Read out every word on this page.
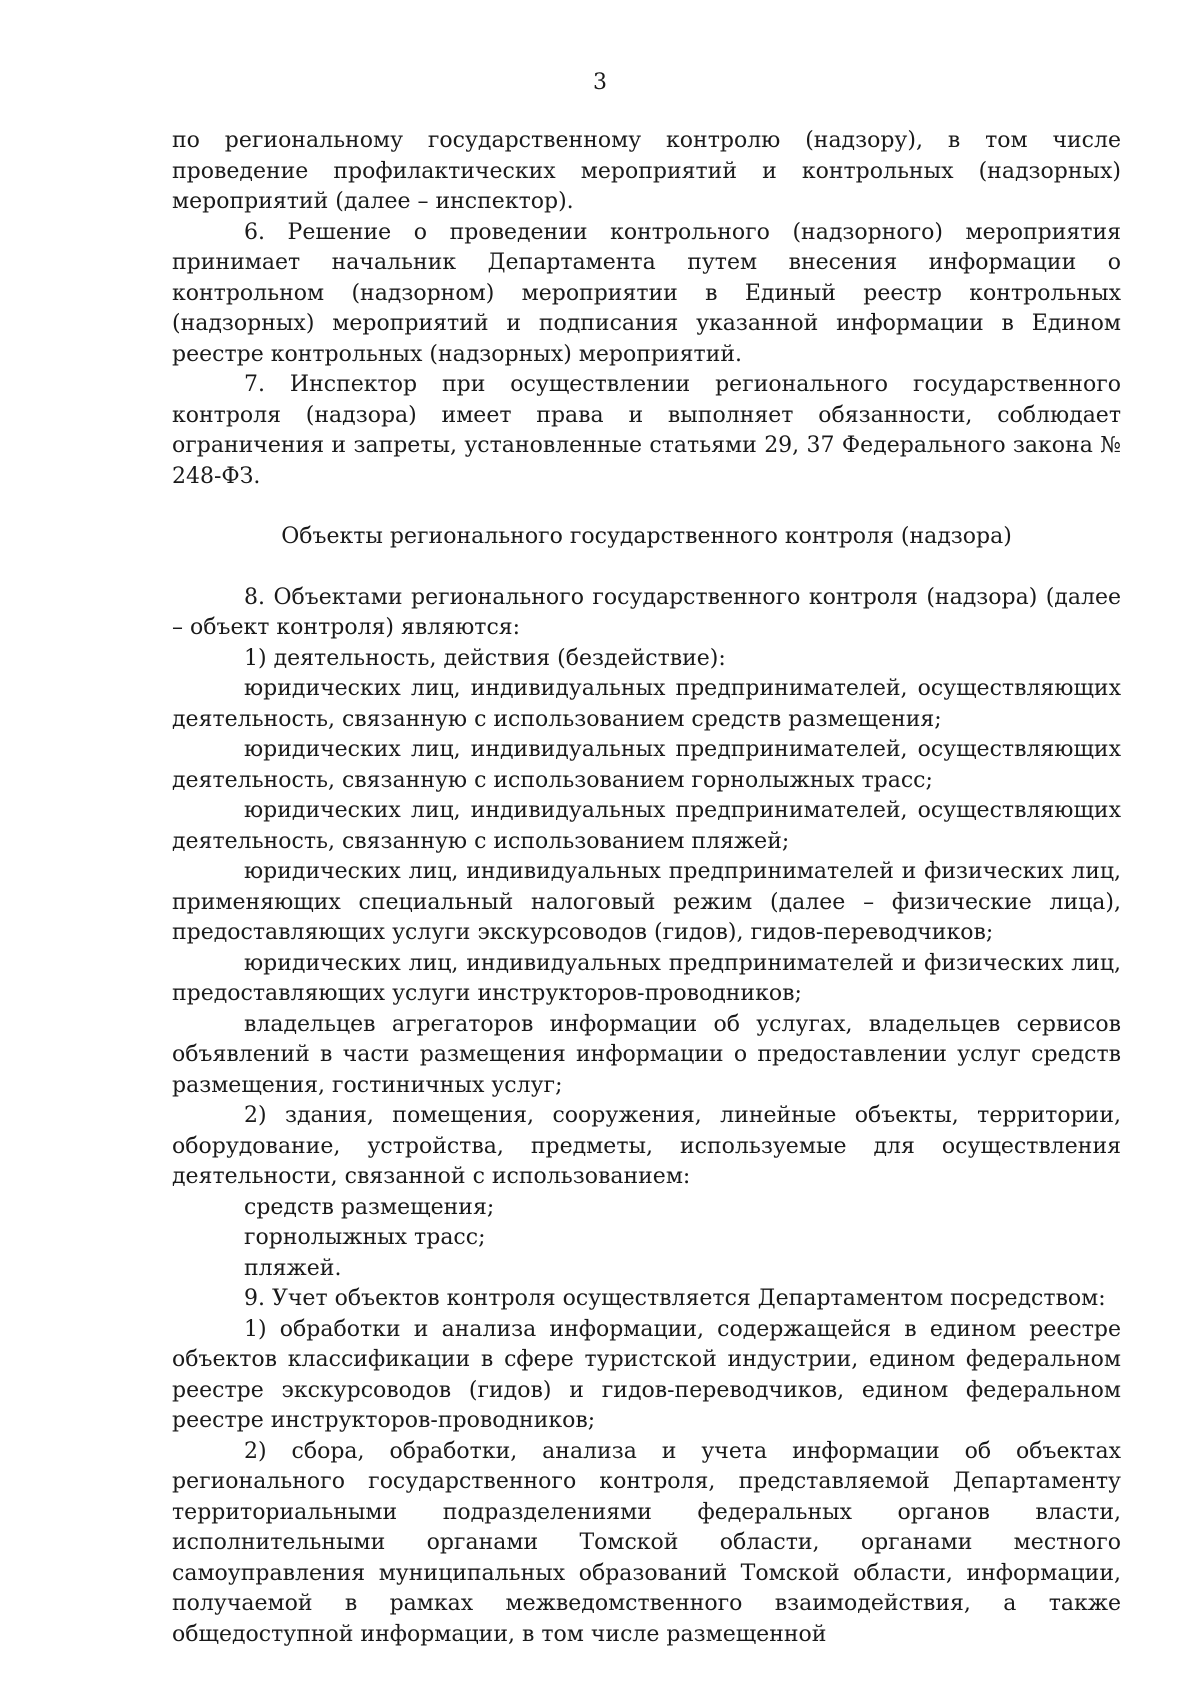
3

по региональному государственному контролю (надзору), в том числе проведение профилактических мероприятий и контрольных (надзорных) мероприятий (далее – инспектор).

6. Решение о проведении контрольного (надзорного) мероприятия принимает начальник Департамента путем внесения информации о контрольном (надзорном) мероприятии в Единый реестр контрольных (надзорных) мероприятий и подписания указанной информации в Едином реестре контрольных (надзорных) мероприятий.

7. Инспектор при осуществлении регионального государственного контроля (надзора) имеет права и выполняет обязанности, соблюдает ограничения и запреты, установленные статьями 29, 37 Федерального закона № 248-ФЗ.

Объекты регионального государственного контроля (надзора)

8. Объектами регионального государственного контроля (надзора) (далее – объект контроля) являются:

1) деятельность, действия (бездействие):

юридических лиц, индивидуальных предпринимателей, осуществляющих деятельность, связанную с использованием средств размещения;

юридических лиц, индивидуальных предпринимателей, осуществляющих деятельность, связанную с использованием горнолыжных трасс;

юридических лиц, индивидуальных предпринимателей, осуществляющих деятельность, связанную с использованием пляжей;

юридических лиц, индивидуальных предпринимателей и физических лиц, применяющих специальный налоговый режим (далее – физические лица), предоставляющих услуги экскурсоводов (гидов), гидов-переводчиков;

юридических лиц, индивидуальных предпринимателей и физических лиц, предоставляющих услуги инструкторов-проводников;

владельцев агрегаторов информации об услугах, владельцев сервисов объявлений в части размещения информации о предоставлении услуг средств размещения, гостиничных услуг;

2) здания, помещения, сооружения, линейные объекты, территории, оборудование, устройства, предметы, используемые для осуществления деятельности, связанной с использованием:

средств размещения;

горнолыжных трасс;

пляжей.

9. Учет объектов контроля осуществляется Департаментом посредством:

1) обработки и анализа информации, содержащейся в едином реестре объектов классификации в сфере туристской индустрии, едином федеральном реестре экскурсоводов (гидов) и гидов-переводчиков, едином федеральном реестре инструкторов-проводников;

2) сбора, обработки, анализа и учета информации об объектах регионального государственного контроля, представляемой Департаменту территориальными подразделениями федеральных органов власти, исполнительными органами Томской области, органами местного самоуправления муниципальных образований Томской области, информации, получаемой в рамках межведомственного взаимодействия, а также общедоступной информации, в том числе размещенной
